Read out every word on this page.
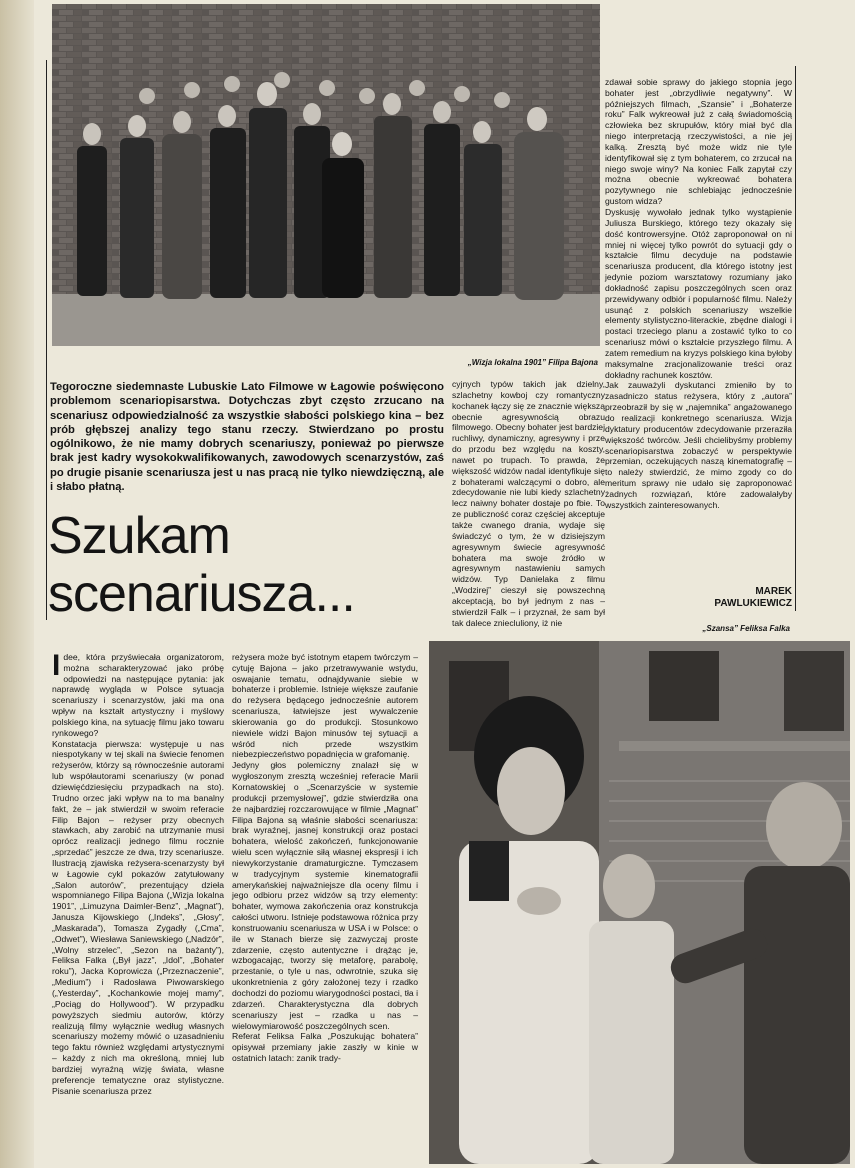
„Wizja lokalna 1901” Filipa Bajona
Tegoroczne siedemnaste Lubuskie Lato Filmowe w Łagowie poświęcono problemom scenariopisarstwa. Dotychczas zbyt często zrzucano na scenariusz odpowiedzialność za wszystkie słabości polskiego kina – bez prób głębszej analizy tego stanu rzeczy. Stwierdzano po prostu ogólnikowo, że nie mamy dobrych scenariuszy, ponieważ po pierwsze brak jest kadry wysokokwalifikowanych, zawodowych scenarzystów, zaś po drugie pisanie scenariusza jest u nas pracą nie tylko niewdzięczną, ale i słabo płatną.
Szukam
scenariusza...

cyjnych typów takich jak dzielny, szlachetny kowboj czy romantyczny kochanek łączy się ze znacznie większą obecnie agresywnością obrazu filmowego. Obecny bohater jest bardziej ruchliwy, dynamiczny, agresywny i prze do przodu bez względu na koszty, nawet po trupach. To prawda, że większość widzów nadal identyfikuje się z bohaterami walczącymi o dobro, ale zdecydowanie nie lubi kiedy szlachetny lecz naiwny bohater dostaje po fbie. To ze publiczność coraz częściej akceptuje także cwanego drania, wydaje się świadczyć o tym, że w dzisiejszym agresywnym świecie agresywność bohatera ma swoje źródło w agresywnym nastawieniu samych widzów. Typ Danielaka z filmu „Wodzirej” cieszył się powszechną akceptacją, bo był jednym z nas – stwierdził Falk – i przyznał, że sam był tak dalece zniecluliony, iż nie

zdawał sobie sprawy do jakiego stopnia jego bohater jest „obrzydliwie negatywny”. W późniejszych filmach, „Szansie” i „Bohaterze roku” Falk wykreował już z całą świadomością człowieka bez skrupułów, który miał być dla niego interpretacją rzeczywistości, a nie jej kalką. Zresztą być może widz nie tyle identyfikował się z tym bohaterem, co zrzucał na niego swoje winy? Na koniec Falk zapytał czy można obecnie wykreować bohatera pozytywnego nie schlebiając jednocześnie gustom widza?
Dyskusję wywołało jednak tylko wystąpienie Juliusza Burskiego, którego tezy okazały się dość kontrowersyjne. Otóż zaproponował on ni mniej ni więcej tylko powrót do sytuacji gdy o kształcie filmu decyduje na podstawie scenariusza producent, dla którego istotny jest jedynie poziom warsztatowy rozumiany jako dokładność zapisu poszczególnych scen oraz przewidywany odbiór i popularność filmu. Należy usunąć z polskich scenariuszy wszelkie elementy stylistyczno-literackie, zbędne dialogi i postaci trzeciego planu a zostawić tylko to co scenariusz mówi o kształcie przyszłego filmu. A zatem remedium na kryzys polskiego kina byłoby maksymalne zracjonalizowanie treści oraz dokładny rachunek kosztów.
Jak zauważyli dyskutanci zmieniło by to zasadniczo status reżysera, który z „autora” przeobraził by się w „najemnika” angażowanego do realizacji konkretnego scenariusza. Wizja dyktatury producentów zdecydowanie przeraziła większość twórców. Jeśli chcielibyśmy problemy scenariopisarstwa zobaczyć w perspektywie przemian, oczekujących naszą kinematografię – to należy stwierdzić, że mimo zgody co do meritum sprawy nie udało się zaproponować żadnych rozwiązań, które zadowalałyby wszystkich zainteresowanych.

MAREK
PAWLUKIEWICZ
„Szansa” Feliksa Falka

Idee, która przyświecała organizatorom, można scharakteryzować jako próbę odpowiedzi na następujące pytania: jak naprawdę wygląda w Polsce sytuacja scenariuszy i scenarzystów, jaki ma ona wpływ na kształt artystyczny i myślowy polskiego kina, na sytuację filmu jako towaru rynkowego?
Konstatacja pierwsza: występuje u nas niespotykany w tej skali na świecie fenomen reżyserów, którzy są równocześnie autorami lub współautorami scenariuszy (w ponad dziewięćdziesięciu przypadkach na sto). Trudno orzec jaki wpływ na to ma banalny fakt, że – jak stwierdził w swoim referacie Filip Bajon – reżyser przy obecnych stawkach, aby zarobić na utrzymanie musi oprócz realizacji jednego filmu rocznie „sprzedać” jeszcze ze dwa, trzy scenariusze. Ilustracją zjawiska reżysera-scenarzysty był w Łagowie cykl pokazów zatytułowany „Salon autorów”, prezentujący dzieła wspomnianego Filipa Bajona („Wizja lokalna 1901”, „Limuzyna Daimler-Benz”, „Magnat”), Janusza Kijowskiego („Indeks”, „Głosy”, „Maskarada”), Tomasza Zygadły („Cma”, „Odwet”), Wiesława Saniewskiego („Nadzór”, „Wolny strzelec”, „Sezon na bażanty”), Feliksa Falka („Był jazz”, „Idol”, „Bohater roku”), Jacka Koprowicza („Przeznaczenie”, „Medium”) i Radosława Piwowarskiego („Yesterday”, „Kochankowie mojej mamy”, „Pociąg do Hollywood”). W przypadku powyższych siedmiu autorów, którzy realizują filmy wyłącznie według własnych scenariuszy możemy mówić o uzasadnieniu tego faktu również względami artystycznymi – każdy z nich ma określoną, mniej lub bardziej wyraźną wizję świata, własne preferencje tematyczne oraz stylistyczne. Pisanie scenariusza przez

reżysera może być istotnym etapem twórczym – cytuję Bajona – jako przetrawywanie wstydu, oswajanie tematu, odnajdywanie siebie w bohaterze i problemie. Istnieje większe zaufanie do reżysera będącego jednocześnie autorem scenariusza, łatwiejsze jest wywalczenie skierowania go do produkcji. Stosunkowo niewiele widzi Bajon minusów tej sytuacji a wśród nich przede wszystkim niebezpieczeństwo popadnięcia w grafomanię.
Jedyny głos polemiczny znalazł się w wygłoszonym zresztą wcześniej referacie Marii Kornatowskiej o „Scenarzyście w systemie produkcji przemysłowej”, gdzie stwierdziła ona że najbardziej rozczarowujące w filmie „Magnat” Filipa Bajona są właśnie słabości scenariusza: brak wyraźnej, jasnej konstrukcji oraz postaci bohatera, wielość zakończeń, funkcjonowanie wielu scen wyłącznie siłą własnej ekspresji i ich niewykorzystanie dramaturgiczne. Tymczasem w tradycyjnym systemie kinematografii amerykańskiej najważniejsze dla oceny filmu i jego odbioru przez widzów są trzy elementy: bohater, wymowa zakończenia oraz konstrukcja całości utworu. Istnieje podstawowa różnica przy konstruowaniu scenariusza w USA i w Polsce: o ile w Stanach bierze się zazwyczaj proste zdarzenie, często autentyczne i drążąc je, wzbogacając, tworzy się metaforę, parabolę, przestanie, o tyle u nas, odwrotnie, szuka się ukonkretnienia z góry założonej tezy i rzadko dochodzi do poziomu wiarygodności postaci, tła i zdarzeń. Charakterystyczna dla dobrych scenariuszy jest – rzadka u nas – wielowymiarowość poszczególnych scen.
Referat Feliksa Falka „Poszukując bohatera” opisywał przemiany jakie zaszły w kinie w ostatnich latach: zanik trady-
